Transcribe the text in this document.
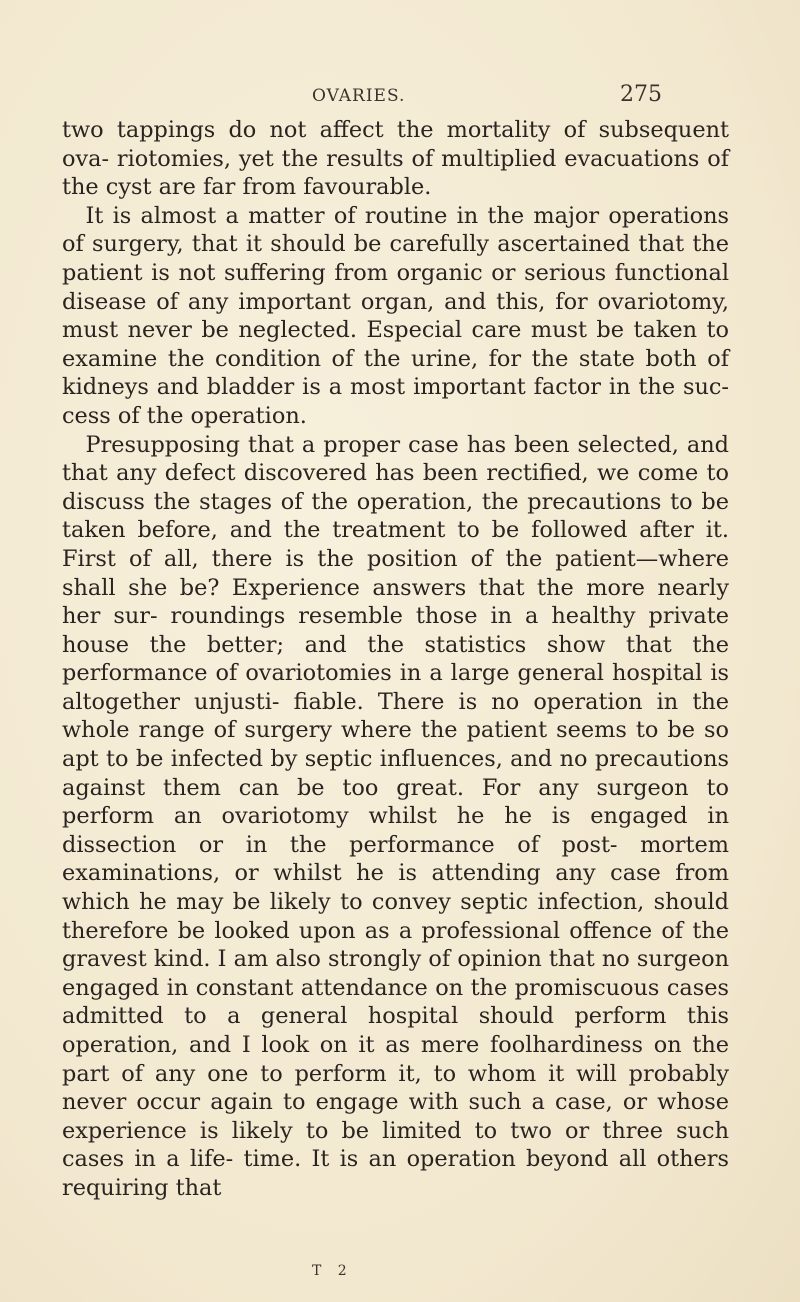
OVARIES.	275

two tappings do not affect the mortality of subsequent ova- riotomies, yet the results of multiplied evacuations of the cyst are far from favourable.

It is almost a matter of routine in the major operations of surgery, that it should be carefully ascertained that the patient is not suffering from organic or serious functional disease of any important organ, and this, for ovariotomy, must never be neglected. Especial care must be taken to examine the condition of the urine, for the state both of kidneys and bladder is a most important factor in the suc- cess of the operation.

Presupposing that a proper case has been selected, and that any defect discovered has been rectified, we come to discuss the stages of the operation, the precautions to be taken before, and the treatment to be followed after it. First of all, there is the position of the patient—where shall she be? Experience answers that the more nearly her sur- roundings resemble those in a healthy private house the better; and the statistics show that the performance of ovariotomies in a large general hospital is altogether unjusti- fiable. There is no operation in the whole range of surgery where the patient seems to be so apt to be infected by septic influences, and no precautions against them can be too great. For any surgeon to perform an ovariotomy whilst he he is engaged in dissection or in the performance of post- mortem examinations, or whilst he is attending any case from which he may be likely to convey septic infection, should therefore be looked upon as a professional offence of the gravest kind. I am also strongly of opinion that no surgeon engaged in constant attendance on the promiscuous cases admitted to a general hospital should perform this operation, and I look on it as mere foolhardiness on the part of any one to perform it, to whom it will probably never occur again to engage with such a case, or whose experience is likely to be limited to two or three such cases in a life- time. It is an operation beyond all others requiring that

T 2
